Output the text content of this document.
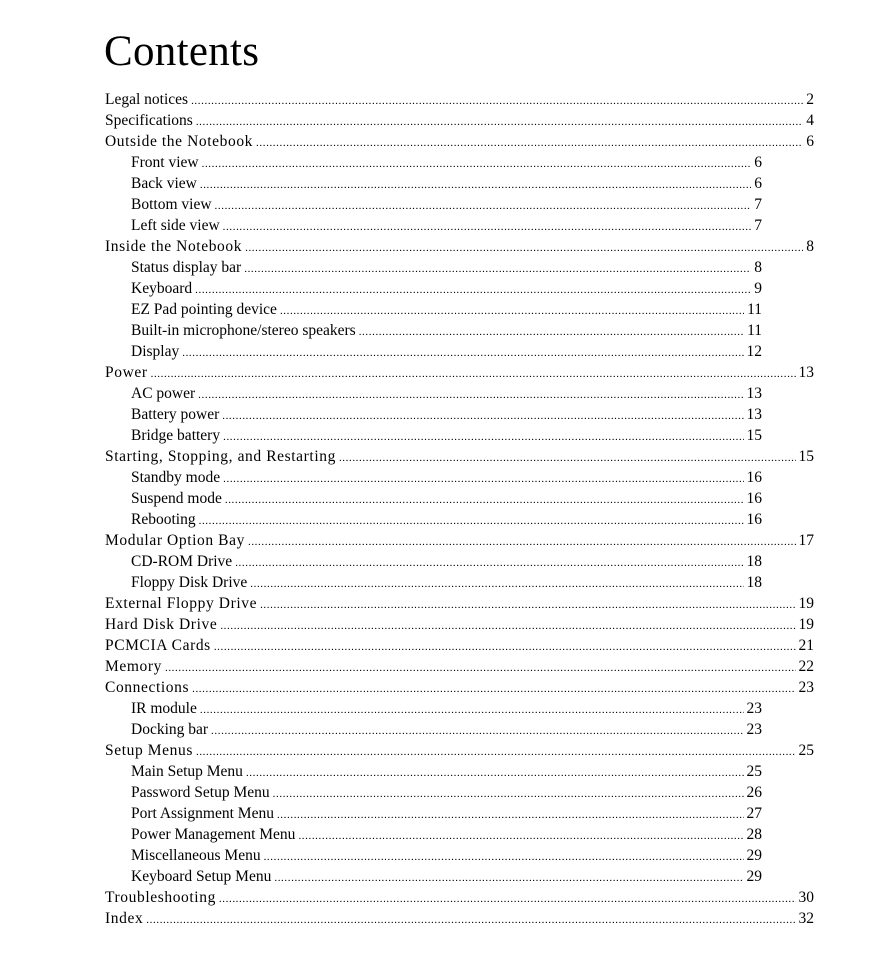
Contents
Legal notices .....	2
Specifications .....	4
Outside the Notebook .....	6
Front view .....	6
Back view .....	6
Bottom view .....	7
Left side view .....	7
Inside the Notebook .....	8
Status display bar .....	8
Keyboard .....	9
EZ Pad pointing device .....	11
Built-in microphone/stereo speakers .....	11
Display .....	12
Power .....	13
AC power .....	13
Battery power .....	13
Bridge battery .....	15
Starting, Stopping, and Restarting .....	15
Standby mode .....	16
Suspend mode .....	16
Rebooting .....	16
Modular Option Bay .....	17
CD-ROM Drive .....	18
Floppy Disk Drive .....	18
External Floppy Drive .....	19
Hard Disk Drive .....	19
PCMCIA Cards .....	21
Memory .....	22
Connections .....	23
IR module .....	23
Docking bar .....	23
Setup Menus .....	25
Main Setup Menu .....	25
Password Setup Menu .....	26
Port Assignment Menu .....	27
Power Management Menu .....	28
Miscellaneous Menu .....	29
Keyboard Setup Menu .....	29
Troubleshooting .....	30
Index .....	32
